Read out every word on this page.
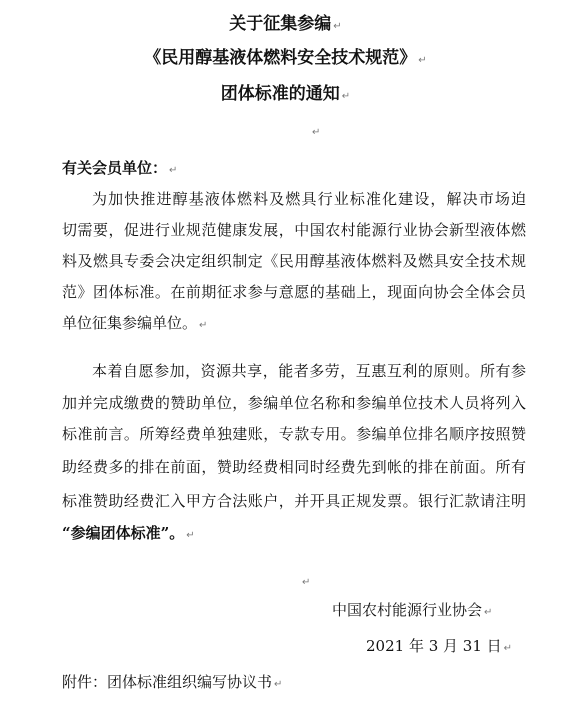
关于征集参编 ↵
《民用醇基液体燃料安全技术规范》 ↵
团体标准的通知 ↵
↵
有关会员单位： ↵
为加快推进醇基液体燃料及燃具行业标准化建设，解决市场迫
切需要，促进行业规范健康发展，中国农村能源行业协会新型液体燃
料及燃具专委会决定组织制定《民用醇基液体燃料及燃具安全技术规
范》团体标准。在前期征求参与意愿的基础上，现面向协会全体会员
单位征集参编单位。 ↵
本着自愿参加，资源共享，能者多劳，互惠互利的原则。所有参
加并完成缴费的赞助单位，参编单位名称和参编单位技术人员将列入
标准前言。所筹经费单独建账，专款专用。参编单位排名顺序按照赞
助经费多的排在前面，赞助经费相同时经费先到帐的排在前面。所有
标准赞助经费汇入甲方合法账户，并开具正规发票。银行汇款请注明
“参编团体标准”。 ↵
↵
中国农村能源行业协会 ↵
2021 年 3 月 31 日 ↵
附件：团体标准组织编写协议书 ↵
